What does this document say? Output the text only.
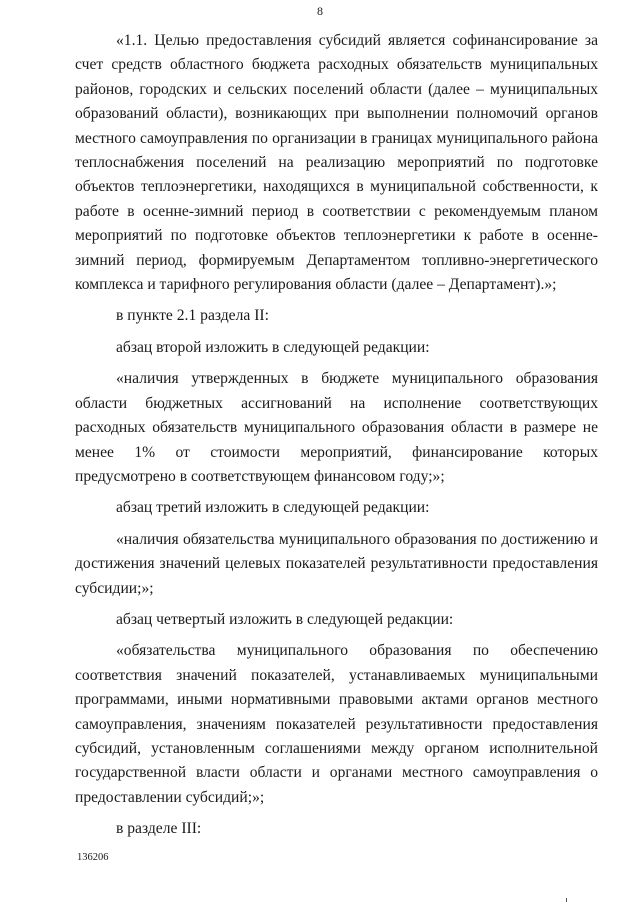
8

«1.1. Целью предоставления субсидий является софинансирование за счет средств областного бюджета расходных обязательств муниципальных районов, городских и сельских поселений области (далее – муниципальных образований области), возникающих при выполнении полномочий органов местного самоуправления по организации в границах муниципального района теплоснабжения поселений на реализацию мероприятий по подготовке объектов теплоэнергетики, находящихся в муниципальной собственности, к работе в осенне-зимний период в соответствии с рекомендуемым планом мероприятий по подготовке объектов теплоэнергетики к работе в осенне-зимний период, формируемым Департаментом топливно-энергетического комплекса и тарифного регулирования области (далее – Департамент).»;

в пункте 2.1 раздела II:

абзац второй изложить в следующей редакции:

«наличия утвержденных в бюджете муниципального образования области бюджетных ассигнований на исполнение соответствующих расходных обязательств муниципального образования области в размере не менее 1% от стоимости мероприятий, финансирование которых предусмотрено в соответствующем финансовом году;»;

абзац третий изложить в следующей редакции:

«наличия обязательства муниципального образования по достижению и достижения значений целевых показателей результативности предоставления субсидии;»;

абзац четвертый изложить в следующей редакции:

«обязательства муниципального образования по обеспечению соответствия значений показателей, устанавливаемых муниципальными программами, иными нормативными правовыми актами органов местного самоуправления, значениям показателей результативности предоставления субсидий, установленным соглашениями между органом исполнительной государственной власти области и органами местного самоуправления о предоставлении субсидий;»;

в разделе III:

136206
